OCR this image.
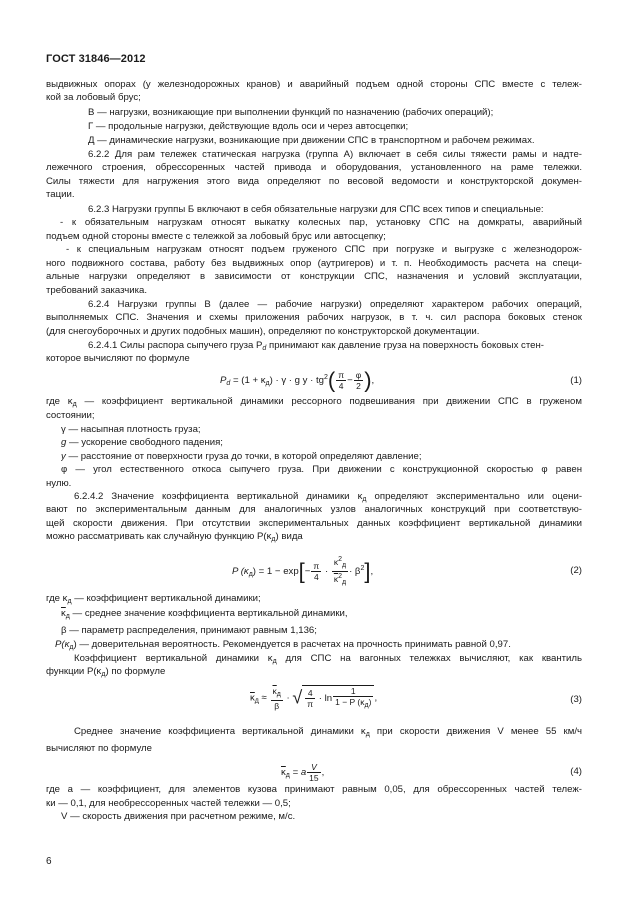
ГОСТ 31846—2012
выдвижных опорах (у железнодорожных кранов) и аварийный подъем одной стороны СПС вместе с тележ-
кой за лобовый брус;
В — нагрузки, возникающие при выполнении функций по назначению (рабочих операций);
Г — продольные нагрузки, действующие вдоль оси и через автосцепки;
Д — динамические нагрузки, возникающие при движении СПС в транспортном и рабочем режимах.
6.2.2 Для рам тележек статическая нагрузка (группа А) включает в себя силы тяжести рамы и надте-
лежечного строения, обрессоренных частей привода и оборудования, установленного на раме тележки.
Силы тяжести для нагружения этого вида определяют по весовой ведомости и конструкторской докумен-
тации.
6.2.3 Нагрузки группы Б включают в себя обязательные нагрузки для СПС всех типов и специальные:
- к обязательным нагрузкам относят выкатку колесных пар, установку СПС на домкраты, аварийный
подъем одной стороны вместе с тележкой за лобовый брус или автосцепку;
- к специальным нагрузкам относят подъем груженого СПС при погрузке и выгрузке с железнодорож-
ного подвижного состава, работу без выдвижных опор (аутригеров) и т. п. Необходимость расчета на специ-
альные нагрузки определяют в зависимости от конструкции СПС, назначения и условий эксплуатации,
требований заказчика.
6.2.4 Нагрузки группы В (далее — рабочие нагрузки) определяют характером рабочих операций,
выполняемых СПС. Значения и схемы приложения рабочих нагрузок, в т. ч. сил распора боковых стенок
(для снегоуборочных и других подобных машин), определяют по конструкторской документации.
6.2.4.1 Силы распора сыпучего груза $P_d$ принимают как давление груза на поверхность боковых стен-
которое вычисляют по формуле
$P_d = (1 + \kappa_д) \cdot \gamma \cdot g$ $y \cdot tg^2( \frac{\pi}{4} - \frac{\varphi}{2}$ ),	(1)
где $\kappa_д$ — коэффициент вертикальной динамики рессорного подвешивания при движении СПС в груженом
состоянии;
γ — насыпная плотность груза;
g — ускорение свободного падения;
y — расстояние от поверхности груза до точки, в которой определяют давление;
φ — угол естественного откоса сыпучего груза. При движении с конструкционной скоростью φ равен
нулю.
6.2.4.2 Значение коэффициента вертикальной динамики $\kappa_д$ определяют экспериментально или оцени-
вают по экспериментальным данным для аналогичных узлов аналогичных конструкций при соответствую-
щей скорости движения. При отсутствии экспериментальных данных коэффициент вертикальной динамики
можно рассматривать как случайную функцию $P(\kappa_д)$ вида
P $(\kappa_д) = 1 - \exp[- \frac{\pi}{4} \cdot \frac{\kappa^2_д}{\overline{\kappa}^2_д} \cdot \beta^2]$,	(2)
где $\kappa_д$ — коэффициент вертикальной динамики;
$\overline{\kappa}_д$ — среднее значение коэффициента вертикальной динамики,
β — параметр распределения, принимают равным 1,136;
$P(\kappa_д)$ — доверительная вероятность. Рекомендуется в расчетах на прочность принимать равной 0,97.
Коэффициент вертикальной динамики $\kappa_д$ для СПС на вагонных тележках вычисляют, как квантиль
функции $P(\kappa_д)$ по формуле
$\overline{\kappa}_д \approx \frac{\overline{\kappa}_д}{\beta}$ · √ $\frac{4}{\pi} \cdot \ln \frac{1}{1 - P (\kappa_д)}$ ,	(3)
Среднее значение коэффициента вертикальной динамики $\kappa_д$ при скорости движения V менее 55 км/ч
вычисляют по формуле
$\overline{\kappa}_д = a \frac{V}{15}$ ,	(4)
где a — коэффициент, для элементов кузова принимают равным 0,05, для обрессоренных частей тележ-
ки — 0,1, для необрессоренных частей тележки — 0,5;
V — скорость движения при расчетном режиме, м/с.
6
